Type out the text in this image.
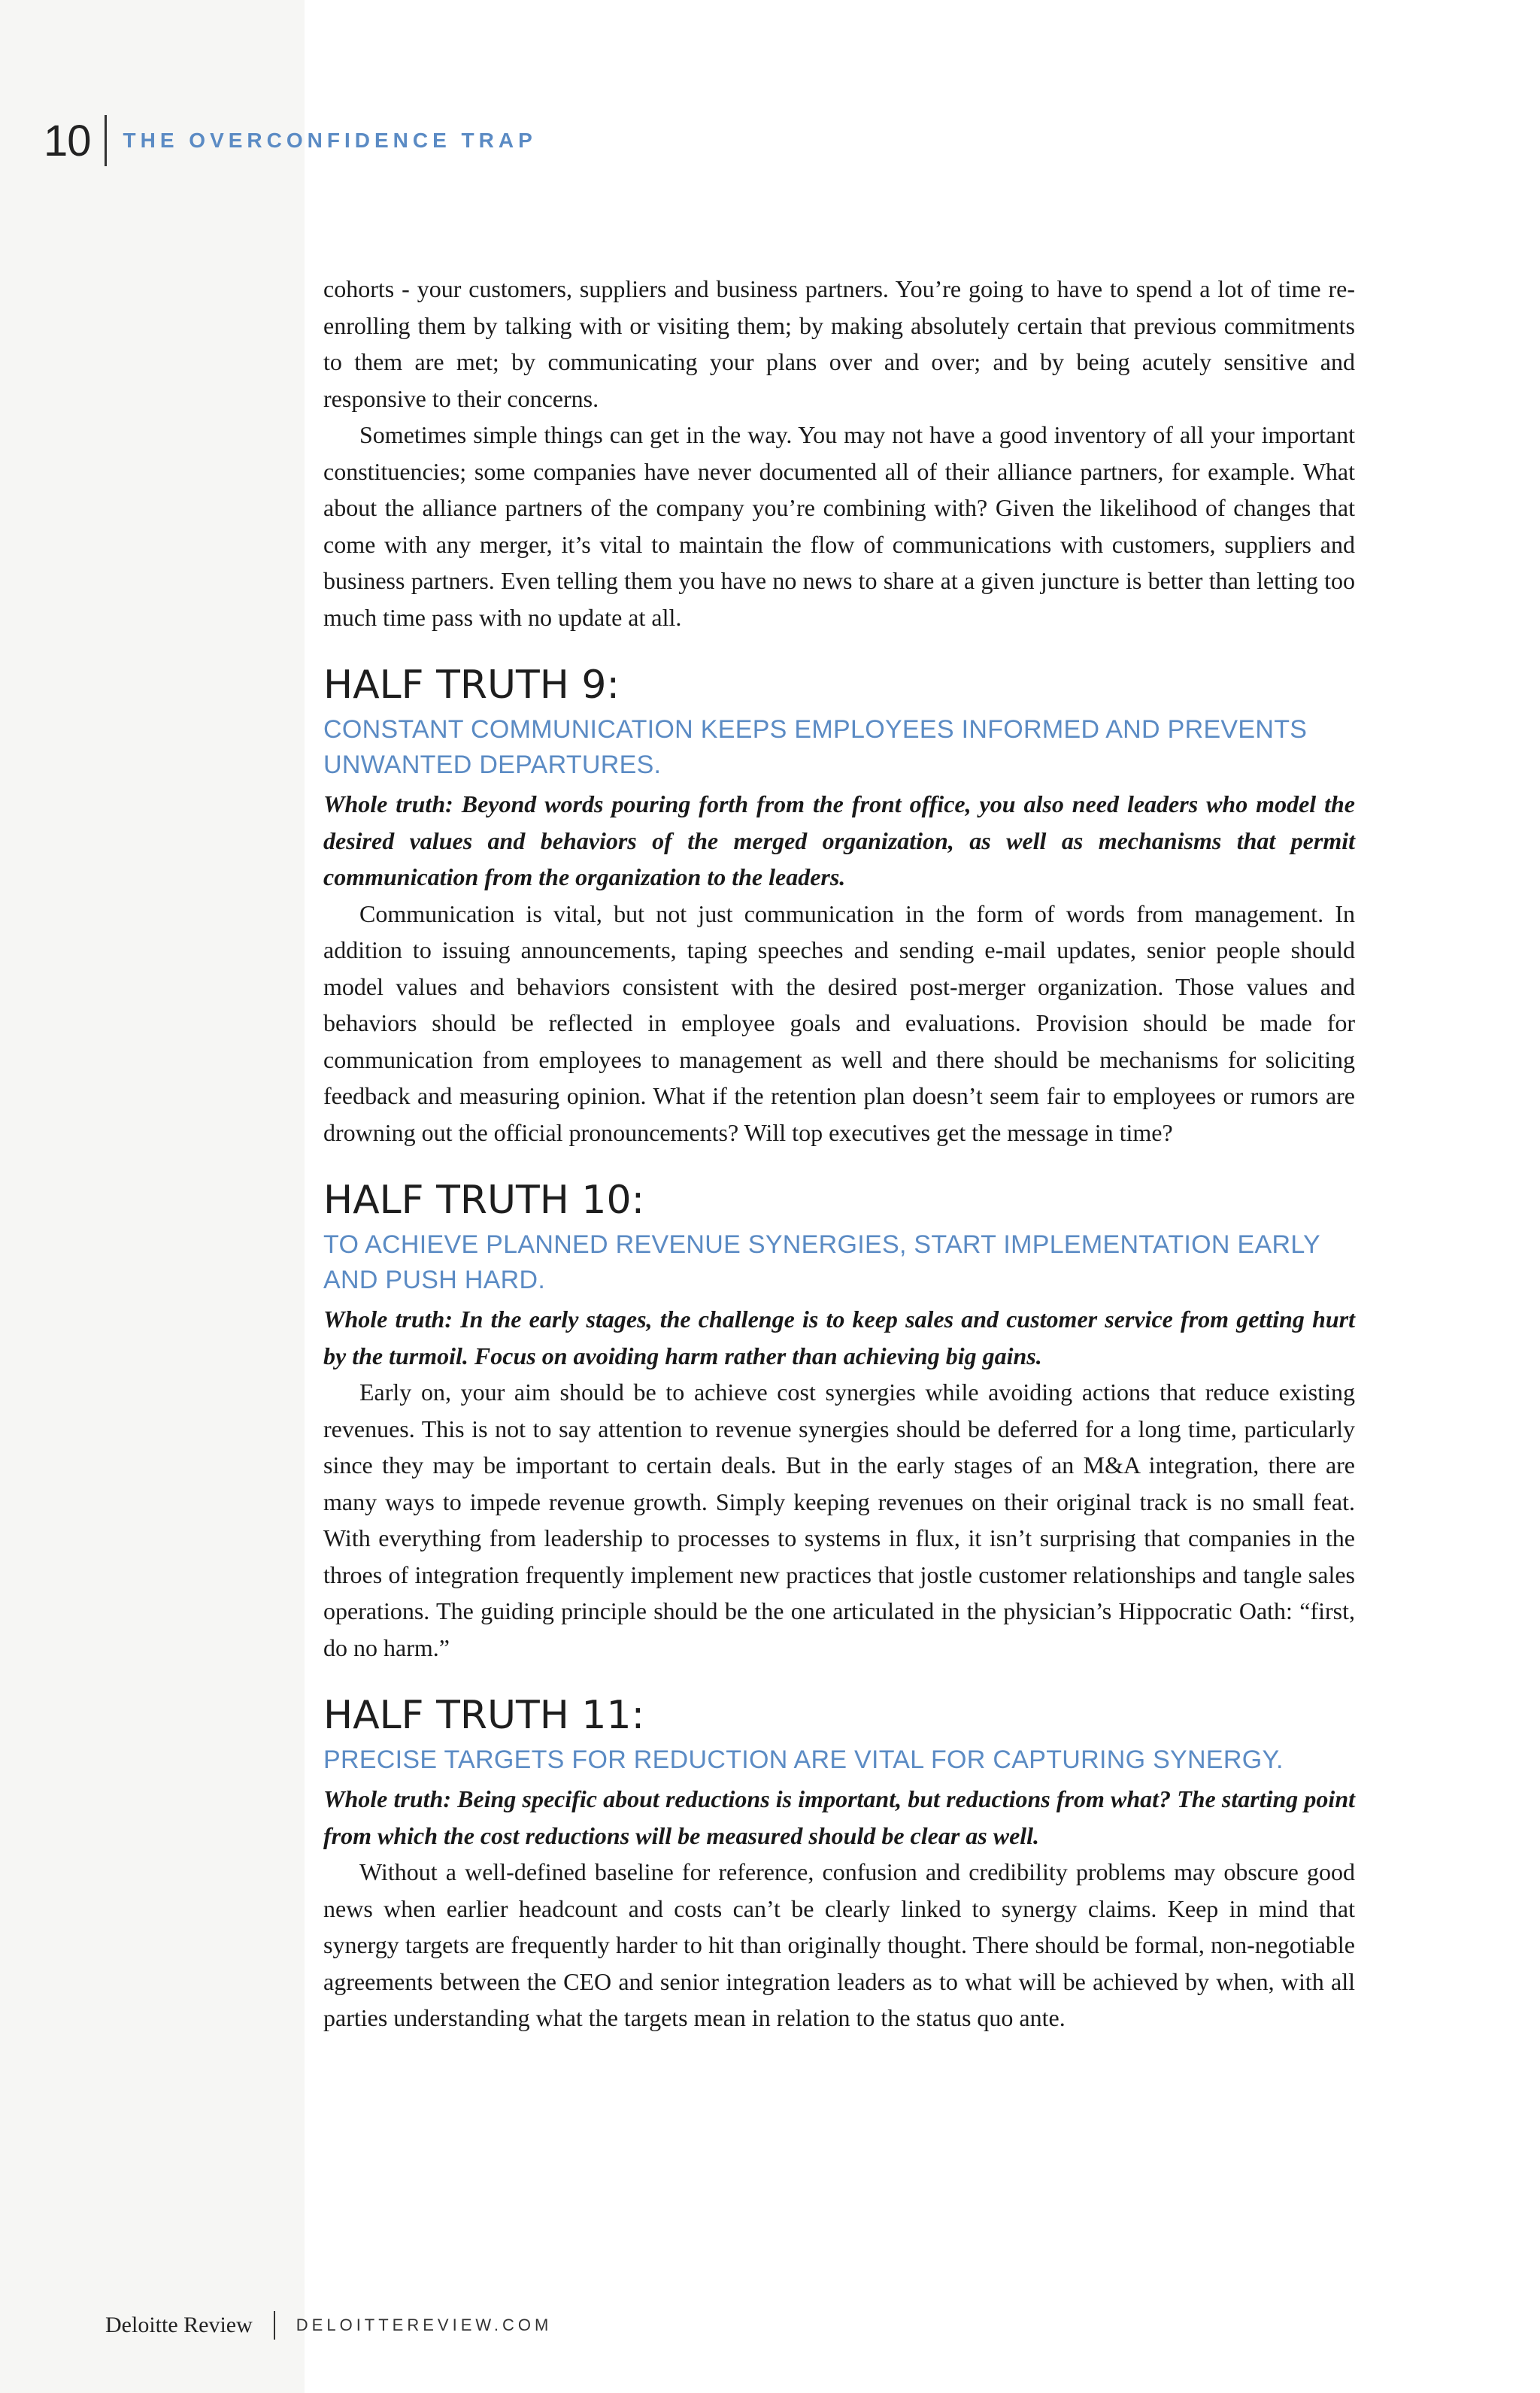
10 THE OVERCONFIDENCE TRAP

cohorts - your customers, suppliers and business partners. You’re going to have to spend a lot of time re-enrolling them by talking with or visiting them; by making absolutely certain that previous commitments to them are met; by communicating your plans over and over; and by being acutely sensitive and responsive to their concerns.

Sometimes simple things can get in the way. You may not have a good inventory of all your important constituencies; some companies have never documented all of their alliance partners, for example. What about the alliance partners of the company you’re combining with? Given the likelihood of changes that come with any merger, it’s vital to maintain the flow of communications with customers, suppliers and business partners. Even telling them you have no news to share at a given juncture is better than letting too much time pass with no update at all.

HALF TRUTH 9:
CONSTANT COMMUNICATION KEEPS EMPLOYEES INFORMED AND PREVENTS UNWANTED DEPARTURES.

Whole truth: Beyond words pouring forth from the front office, you also need leaders who model the desired values and behaviors of the merged organization, as well as mechanisms that permit communication from the organization to the leaders.

Communication is vital, but not just communication in the form of words from management. In addition to issuing announcements, taping speeches and sending e-mail updates, senior people should model values and behaviors consistent with the desired post-merger organization. Those values and behaviors should be reflected in employee goals and evaluations. Provision should be made for communication from employees to management as well and there should be mechanisms for soliciting feedback and measuring opinion. What if the retention plan doesn’t seem fair to employees or rumors are drowning out the official pronouncements? Will top executives get the message in time?

HALF TRUTH 10:
TO ACHIEVE PLANNED REVENUE SYNERGIES, START IMPLEMENTATION EARLY AND PUSH HARD.

Whole truth: In the early stages, the challenge is to keep sales and customer service from getting hurt by the turmoil. Focus on avoiding harm rather than achieving big gains.

Early on, your aim should be to achieve cost synergies while avoiding actions that reduce existing revenues. This is not to say attention to revenue synergies should be deferred for a long time, particularly since they may be important to certain deals. But in the early stages of an M&A integration, there are many ways to impede revenue growth. Simply keeping revenues on their original track is no small feat. With everything from leadership to processes to systems in flux, it isn’t surprising that companies in the throes of integration frequently implement new practices that jostle customer relationships and tangle sales operations. The guiding principle should be the one articulated in the physician’s Hippocratic Oath: “first, do no harm.”

HALF TRUTH 11:
PRECISE TARGETS FOR REDUCTION ARE VITAL FOR CAPTURING SYNERGY.

Whole truth: Being specific about reductions is important, but reductions from what? The starting point from which the cost reductions will be measured should be clear as well.

Without a well-defined baseline for reference, confusion and credibility problems may obscure good news when earlier headcount and costs can’t be clearly linked to synergy claims. Keep in mind that synergy targets are frequently harder to hit than originally thought. There should be formal, non-negotiable agreements between the CEO and senior integration leaders as to what will be achieved by when, with all parties understanding what the targets mean in relation to the status quo ante.

Deloitte Review	DELOITTEREVIEW.COM
